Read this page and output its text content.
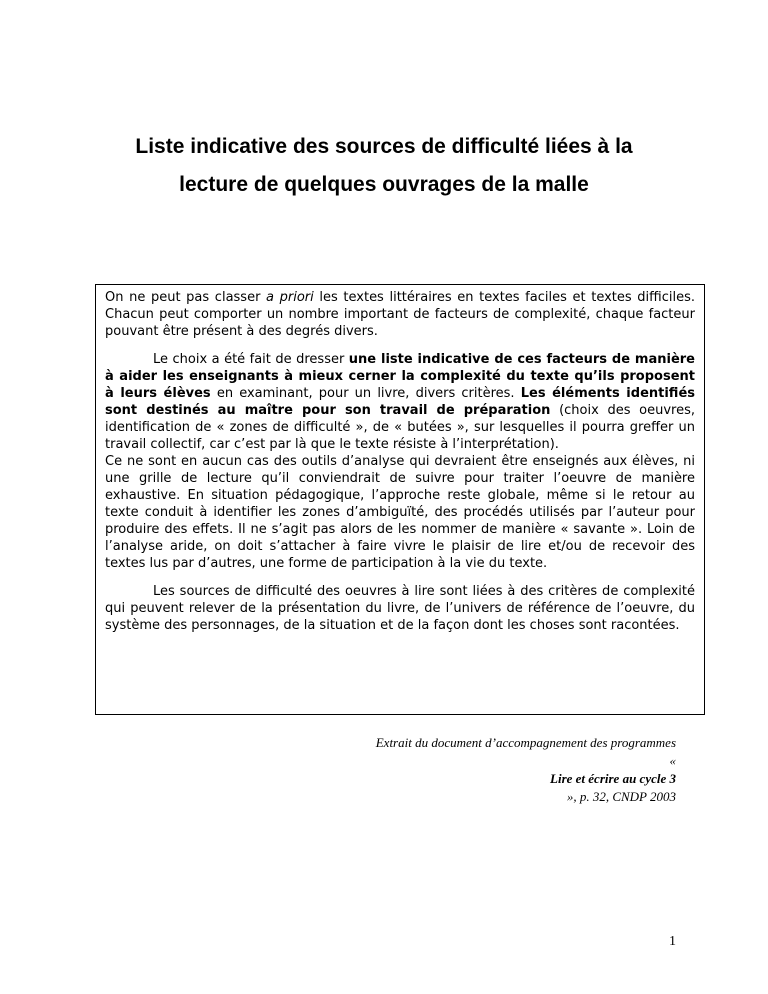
Liste indicative des sources de difficulté liées à la
lecture de quelques ouvrages de la malle

On ne peut pas classer a priori les textes littéraires en textes faciles et textes difficiles. Chacun peut comporter un nombre important de facteurs de complexité, chaque facteur pouvant être présent à des degrés divers.

Le choix a été fait de dresser une liste indicative de ces facteurs de manière à aider les enseignants à mieux cerner la complexité du texte qu’ils proposent à leurs élèves en examinant, pour un livre, divers critères. Les éléments identifiés sont destinés au maître pour son travail de préparation (choix des oeuvres, identification de « zones de difficulté », de « butées », sur lesquelles il pourra greffer un travail collectif, car c’est par là que le texte résiste à l’interprétation).

Ce ne sont en aucun cas des outils d’analyse qui devraient être enseignés aux élèves, ni une grille de lecture qu’il conviendrait de suivre pour traiter l’oeuvre de manière exhaustive. En situation pédagogique, l’approche reste globale, même si le retour au texte conduit à identifier les zones d’ambiguïté, des procédés utilisés par l’auteur pour produire des effets. Il ne s’agit pas alors de les nommer de manière « savante ». Loin de l’analyse aride, on doit s’attacher à faire vivre le plaisir de lire et/ou de recevoir des textes lus par d’autres, une forme de participation à la vie du texte.

Les sources de difficulté des oeuvres à lire sont liées à des critères de complexité qui peuvent relever de la présentation du livre, de l’univers de référence de l’oeuvre, du système des personnages, de la situation et de la façon dont les choses sont racontées.

Extrait du document d’accompagnement des programmes
«
Lire et écrire au cycle 3
», p. 32, CNDP 2003
1
